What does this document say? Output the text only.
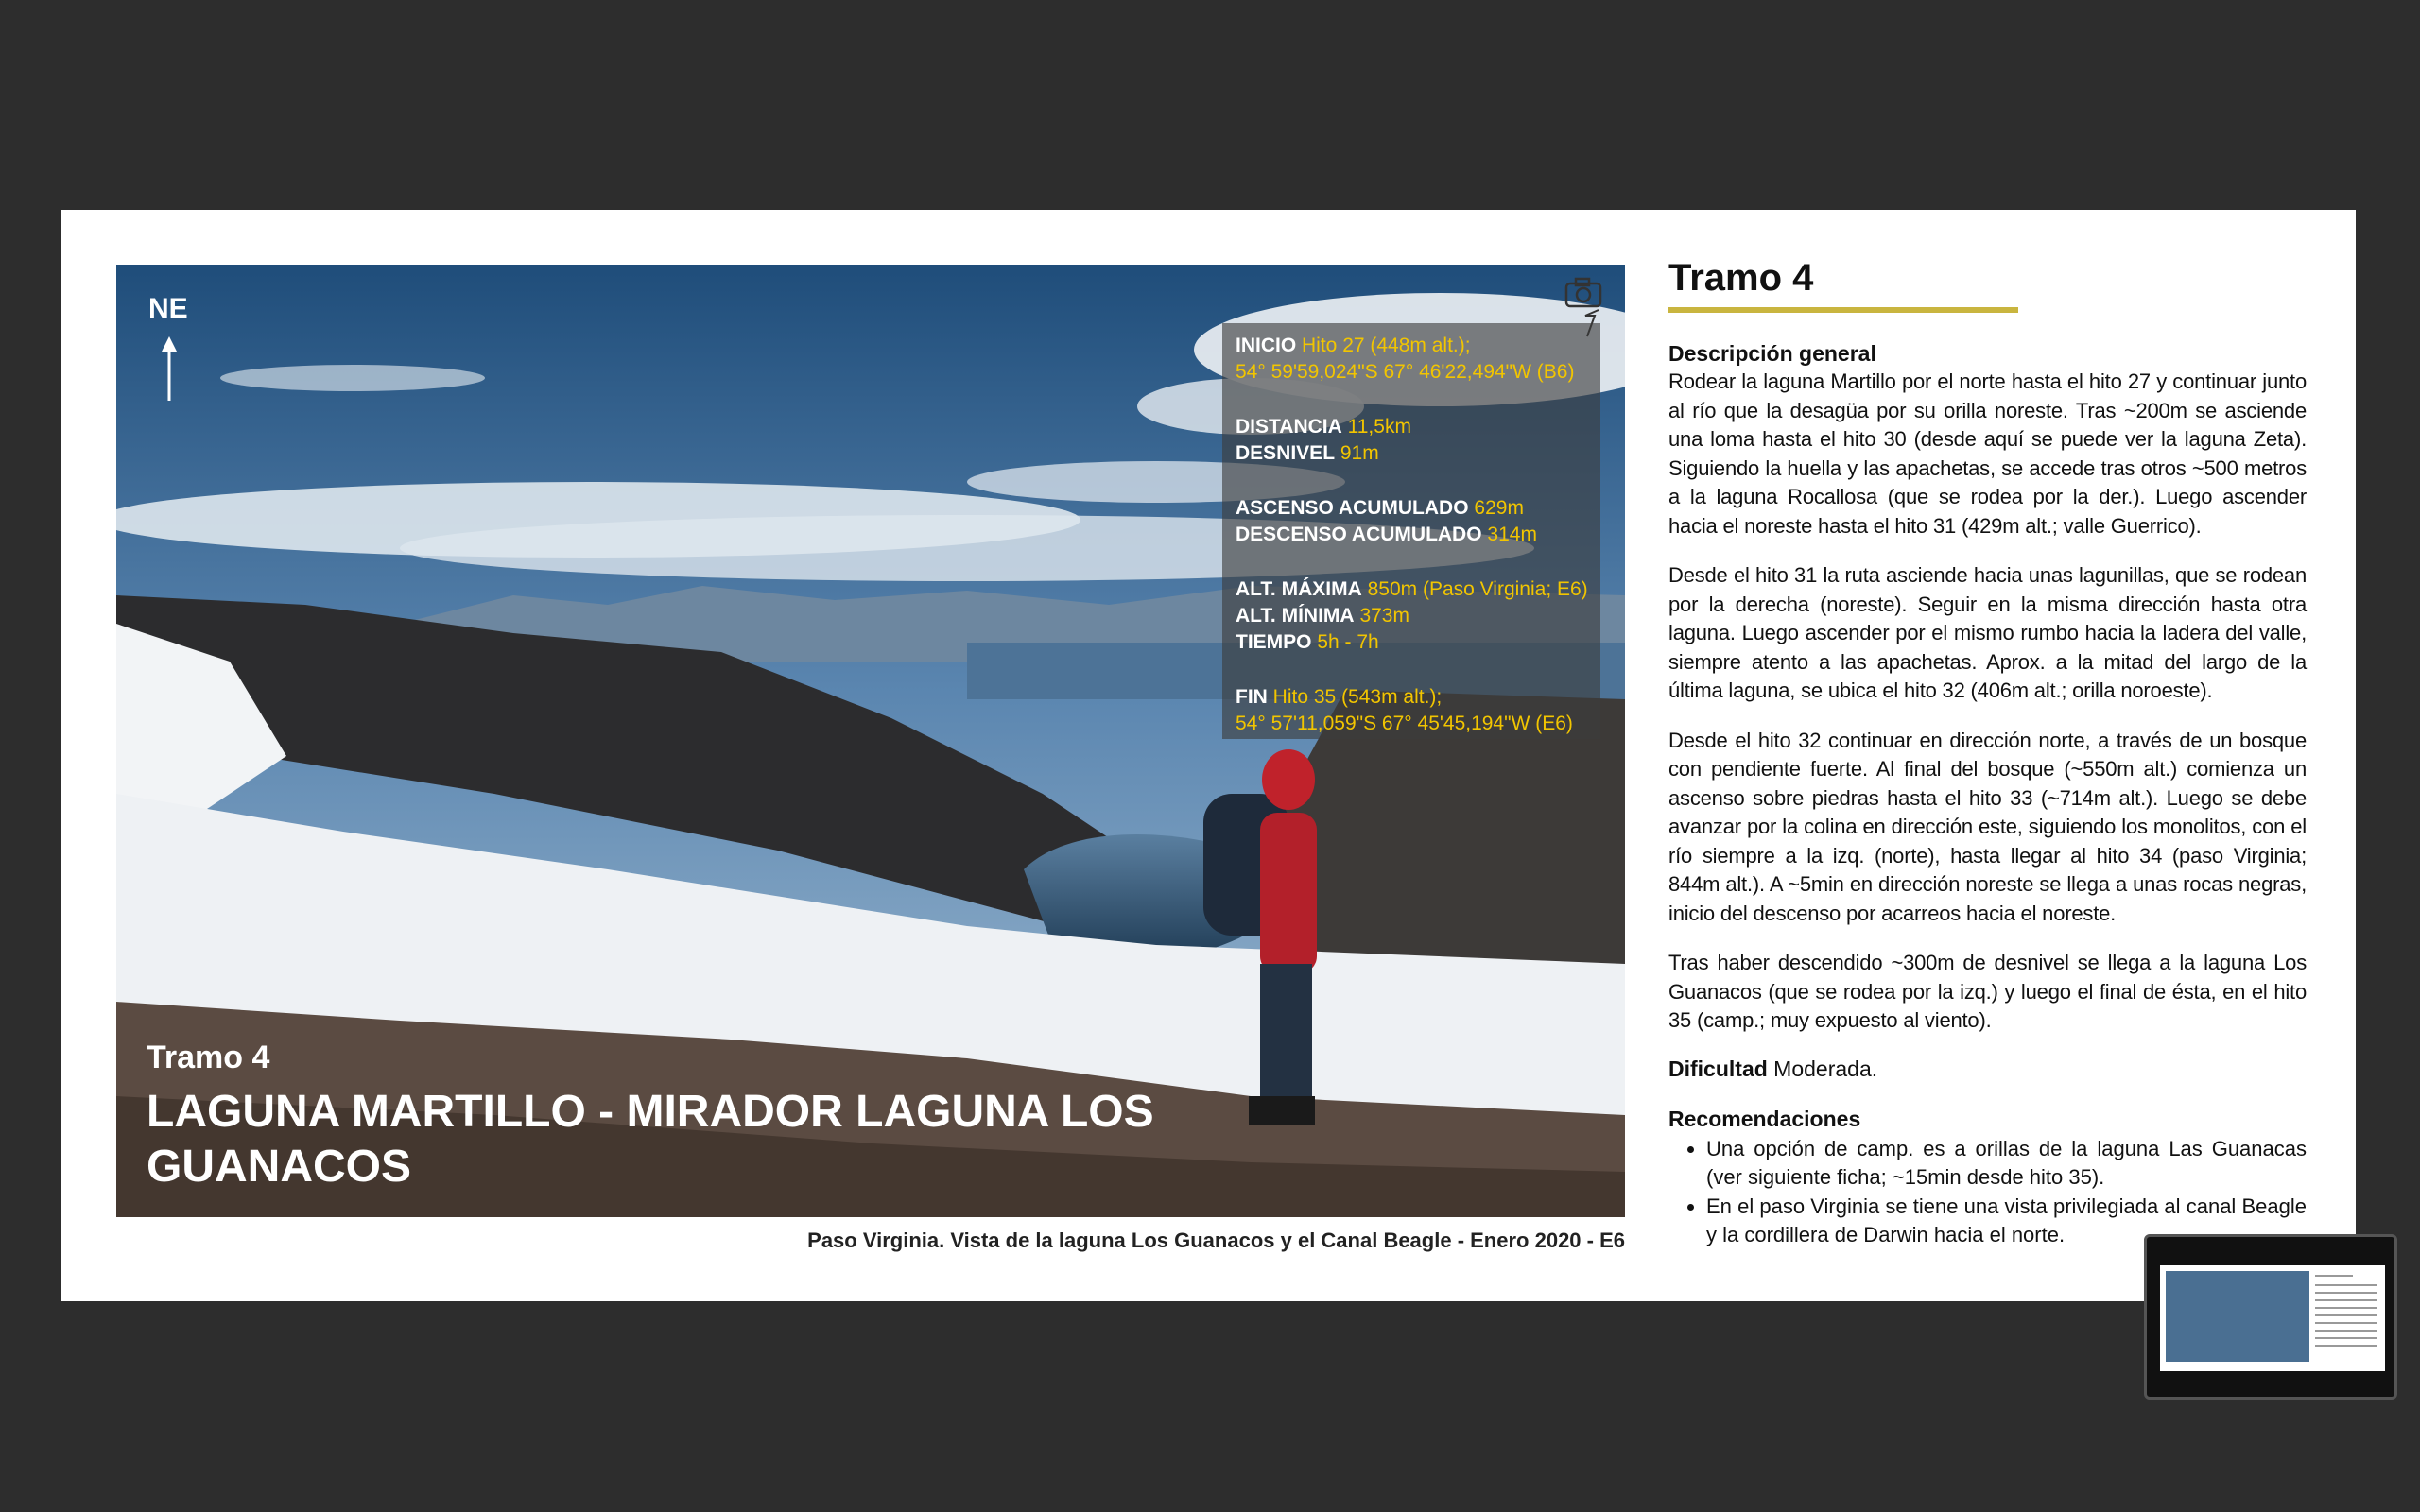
NE
INICIO Hito 27 (448m alt.);
54° 59'59,024"S 67° 46'22,494"W (B6)
DISTANCIA 11,5km
DESNIVEL 91m
ASCENSO ACUMULADO 629m
DESCENSO ACUMULADO 314m
ALT. MÁXIMA 850m (Paso Virginia; E6)
ALT. MÍNIMA 373m
TIEMPO 5h - 7h
FIN Hito 35 (543m alt.);
54° 57'11,059"S 67° 45'45,194"W (E6)
Tramo 4
LAGUNA MARTILLO - MIRADOR LAGUNA LOS GUANACOS
Paso Virginia. Vista de la laguna Los Guanacos y el Canal Beagle - Enero 2020 - E6
Tramo 4
Descripción general

Rodear la laguna Martillo por el norte hasta el hito 27 y continuar junto al río que la desagüa por su orilla noreste. Tras ~200m se asciende una loma hasta el hito 30 (desde aquí se puede ver la laguna Zeta). Siguiendo la huella y las apachetas, se accede tras otros ~500 metros a la laguna Rocallosa (que se rodea por la der.). Luego ascender hacia el noreste hasta el hito 31 (429m alt.; valle Guerrico).

Desde el hito 31 la ruta asciende hacia unas lagunillas, que se rodean por la derecha (noreste). Seguir en la misma dirección hasta otra laguna. Luego ascender por el mismo rumbo hacia la ladera del valle, siempre atento a las apachetas. Aprox. a la mitad del largo de la última laguna, se ubica el hito 32 (406m alt.; orilla noroeste).

Desde el hito 32 continuar en dirección norte, a través de un bosque con pendiente fuerte. Al final del bosque (~550m alt.) comienza un ascenso sobre piedras hasta el hito 33 (~714m alt.). Luego se debe avanzar por la colina en dirección este, siguiendo los monolitos, con el río siempre a la izq. (norte), hasta llegar al hito 34 (paso Virginia; 844m alt.). A ~5min en dirección noreste se llega a unas rocas negras, inicio del descenso por acarreos hacia el noreste.

Tras haber descendido ~300m de desnivel se llega a la laguna Los Guanacos (que se rodea por la izq.) y luego el final de ésta, en el hito 35 (camp.; muy expuesto al viento).

Dificultad Moderada.
Recomendaciones
• Una opción de camp. es a orillas de la laguna Las Guanacas (ver siguiente ficha; ~15min desde hito 35).
• En el paso Virginia se tiene una vista privilegiada al canal Beagle y la cordillera de Darwin hacia el norte.
